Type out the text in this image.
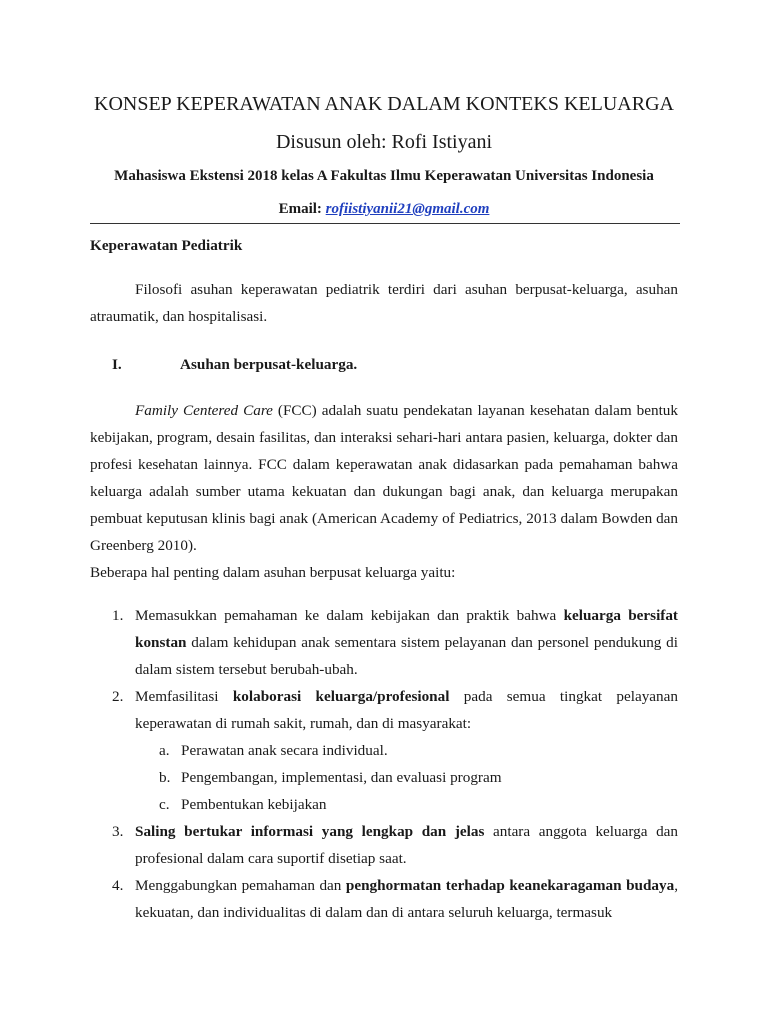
KONSEP KEPERAWATAN ANAK DALAM KONTEKS KELUARGA
Disusun oleh: Rofi Istiyani
Mahasiswa Ekstensi 2018 kelas A Fakultas Ilmu Keperawatan Universitas Indonesia
Email: rofiistiyanii21@gmail.com

Keperawatan Pediatrik

Filosofi asuhan keperawatan pediatrik terdiri dari asuhan berpusat-keluarga, asuhan atraumatik, dan hospitalisasi.

I.	Asuhan berpusat-keluarga.

Family Centered Care (FCC) adalah suatu pendekatan layanan kesehatan dalam bentuk kebijakan, program, desain fasilitas, dan interaksi sehari-hari antara pasien, keluarga, dokter dan profesi kesehatan lainnya. FCC dalam keperawatan anak didasarkan pada pemahaman bahwa keluarga adalah sumber utama kekuatan dan dukungan bagi anak, dan keluarga merupakan pembuat keputusan klinis bagi anak (American Academy of Pediatrics, 2013 dalam Bowden dan Greenberg 2010).

Beberapa hal penting dalam asuhan berpusat keluarga yaitu:

1. Memasukkan pemahaman ke dalam kebijakan dan praktik bahwa keluarga bersifat konstan dalam kehidupan anak sementara sistem pelayanan dan personel pendukung di dalam sistem tersebut berubah-ubah.
2. Memfasilitasi kolaborasi keluarga/profesional pada semua tingkat pelayanan keperawatan di rumah sakit, rumah, dan di masyarakat:
a. Perawatan anak secara individual.
b. Pengembangan, implementasi, dan evaluasi program
c. Pembentukan kebijakan
3. Saling bertukar informasi yang lengkap dan jelas antara anggota keluarga dan profesional dalam cara suportif disetiap saat.
4. Menggabungkan pemahaman dan penghormatan terhadap keanekaragaman budaya, kekuatan, dan individualitas di dalam dan di antara seluruh keluarga, termasuk
